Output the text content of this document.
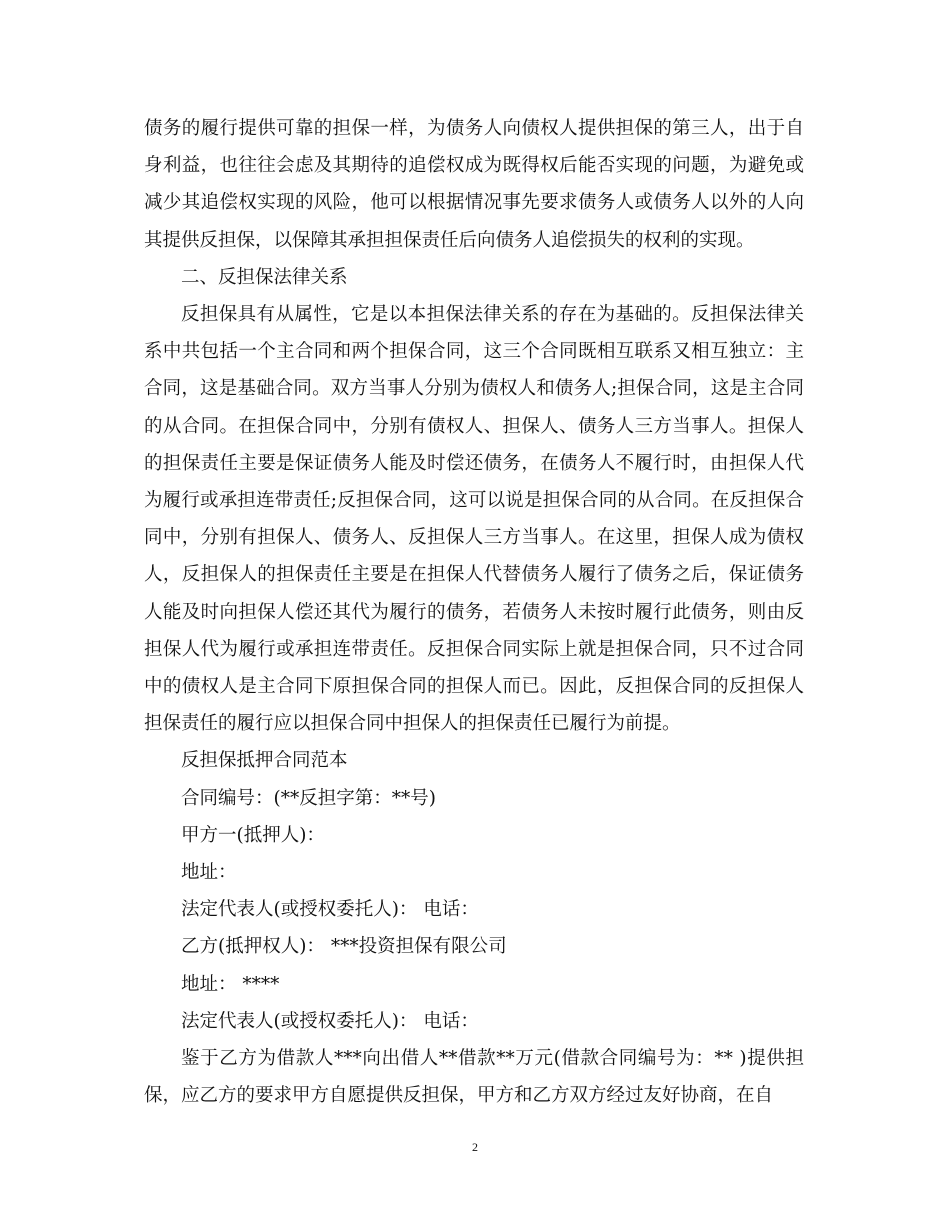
债务的履行提供可靠的担保一样，为债务人向债权人提供担保的第三人，出于自身利益，也往往会虑及其期待的追偿权成为既得权后能否实现的问题，为避免或减少其追偿权实现的风险，他可以根据情况事先要求债务人或债务人以外的人向其提供反担保，以保障其承担担保责任后向债务人追偿损失的权利的实现。

二、反担保法律关系

反担保具有从属性，它是以本担保法律关系的存在为基础的。反担保法律关系中共包括一个主合同和两个担保合同，这三个合同既相互联系又相互独立：主合同，这是基础合同。双方当事人分别为债权人和债务人;担保合同，这是主合同的从合同。在担保合同中，分别有债权人、担保人、债务人三方当事人。担保人的担保责任主要是保证债务人能及时偿还债务，在债务人不履行时，由担保人代为履行或承担连带责任;反担保合同，这可以说是担保合同的从合同。在反担保合同中，分别有担保人、债务人、反担保人三方当事人。在这里，担保人成为债权人，反担保人的担保责任主要是在担保人代替债务人履行了债务之后，保证债务人能及时向担保人偿还其代为履行的债务，若债务人未按时履行此债务，则由反担保人代为履行或承担连带责任。反担保合同实际上就是担保合同，只不过合同中的债权人是主合同下原担保合同的担保人而已。因此，反担保合同的反担保人担保责任的履行应以担保合同中担保人的担保责任已履行为前提。

反担保抵押合同范本

合同编号：(**反担字第：**号)

甲方一(抵押人)：

地址：

法定代表人(或授权委托人)： 电话：

乙方(抵押权人)： ***投资担保有限公司

地址： ****

法定代表人(或授权委托人)： 电话：

鉴于乙方为借款人***向出借人**借款**万元(借款合同编号为：** )提供担保，应乙方的要求甲方自愿提供反担保，甲方和乙方双方经过友好协商，在自

2
